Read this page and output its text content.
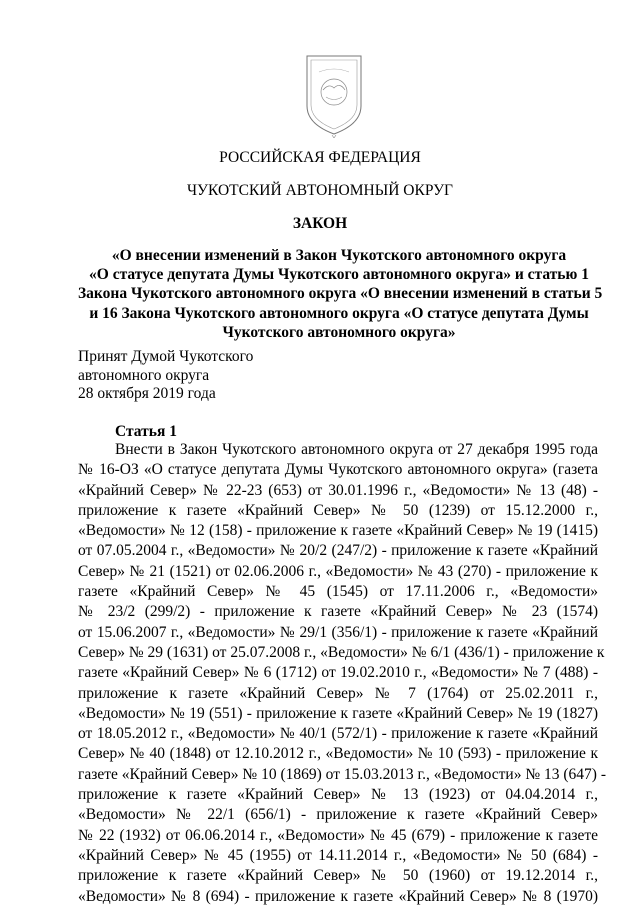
РОССИЙСКАЯ ФЕДЕРАЦИЯ
ЧУКОТСКИЙ АВТОНОМНЫЙ ОКРУГ
ЗАКОН
«О внесении изменений в Закон Чукотского автономного округа
«О статусе депутата Думы Чукотского автономного округа» и статью 1
Закона Чукотского автономного округа «О внесении изменений в статьи 5
и 16 Закона Чукотского автономного округа «О статусе депутата Думы
Чукотского автономного округа»
Принят Думой Чукотского
автономного округа
28 октября 2019 года
Статья 1
Внести в Закон Чукотского автономного округа от 27 декабря 1995 года
№ 16-ОЗ «О статусе депутата Думы Чукотского автономного округа» (газета
«Крайний Север» № 22-23 (653) от 30.01.1996 г., «Ведомости» № 13 (48) -
приложение к газете «Крайний Север» № 50 (1239) от 15.12.2000 г.,
«Ведомости» № 12 (158) - приложение к газете «Крайний Север» № 19 (1415)
от 07.05.2004 г., «Ведомости» № 20/2 (247/2) - приложение к газете «Крайний
Север» № 21 (1521) от 02.06.2006 г., «Ведомости» № 43 (270) - приложение к
газете «Крайний Север» № 45 (1545) от 17.11.2006 г., «Ведомости»
№ 23/2 (299/2) - приложение к газете «Крайний Север» № 23 (1574)
от 15.06.2007 г., «Ведомости» № 29/1 (356/1) - приложение к газете «Крайний
Север» № 29 (1631) от 25.07.2008 г., «Ведомости» № 6/1 (436/1) - приложение к
газете «Крайний Север» № 6 (1712) от 19.02.2010 г., «Ведомости» № 7 (488) -
приложение к газете «Крайний Север» № 7 (1764) от 25.02.2011 г.,
«Ведомости» № 19 (551) - приложение к газете «Крайний Север» № 19 (1827)
от 18.05.2012 г., «Ведомости» № 40/1 (572/1) - приложение к газете «Крайний
Север» № 40 (1848) от 12.10.2012 г., «Ведомости» № 10 (593) - приложение к
газете «Крайний Север» № 10 (1869) от 15.03.2013 г., «Ведомости» № 13 (647) -
приложение к газете «Крайний Север» № 13 (1923) от 04.04.2014 г.,
«Ведомости» № 22/1 (656/1) - приложение к газете «Крайний Север»
№ 22 (1932) от 06.06.2014 г., «Ведомости» № 45 (679) - приложение к газете
«Крайний Север» № 45 (1955) от 14.11.2014 г., «Ведомости» № 50 (684) -
приложение к газете «Крайний Север» № 50 (1960) от 19.12.2014 г.,
«Ведомости» № 8 (694) - приложение к газете «Крайний Север» № 8 (1970)
